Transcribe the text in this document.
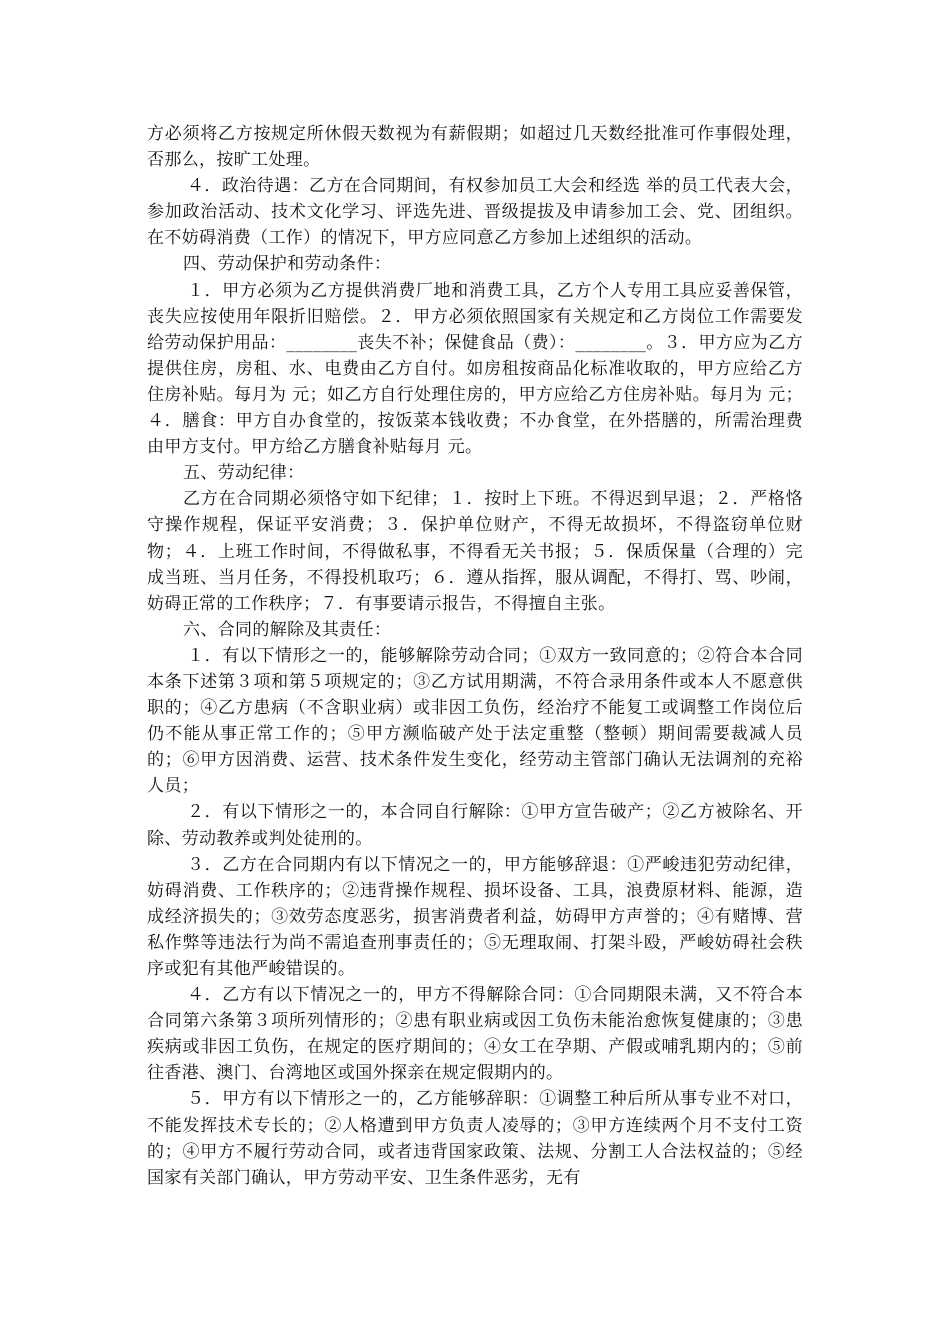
方必须将乙方按规定所休假天数视为有薪假期；如超过几天数经批准可作事假处理，否那么，按旷工处理。

４．政治待遇：乙方在合同期间，有权参加员工大会和经选 举的员工代表大会，参加政治活动、技术文化学习、评选先进、晋级提拔及申请参加工会、党、团组织。在不妨碍消费（工作）的情况下，甲方应同意乙方参加上述组织的活动。

四、劳动保护和劳动条件：

１．甲方必须为乙方提供消费厂地和消费工具，乙方个人专用工具应妥善保管，丧失应按使用年限折旧赔偿。２．甲方必须依照国家有关规定和乙方岗位工作需要发给劳动保护用品：________丧失不补；保健食品（费）：________。３．甲方应为乙方提供住房，房租、水、电费由乙方自付。如房租按商品化标准收取的，甲方应给乙方住房补贴。每月为 元；如乙方自行处理住房的，甲方应给乙方住房补贴。每月为 元；４．膳食：甲方自办食堂的，按饭菜本钱收费；不办食堂，在外搭膳的，所需治理费由甲方支付。甲方给乙方膳食补贴每月 元。

五、劳动纪律：

乙方在合同期必须恪守如下纪律；１．按时上下班。不得迟到早退；２．严格恪守操作规程，保证平安消费；３．保护单位财产，不得无故损坏，不得盗窃单位财物；４．上班工作时间，不得做私事，不得看无关书报；５．保质保量（合理的）完成当班、当月任务，不得投机取巧；６．遵从指挥，服从调配，不得打、骂、吵闹，妨碍正常的工作秩序；７．有事要请示报告，不得擅自主张。

六、合同的解除及其责任：

１．有以下情形之一的，能够解除劳动合同；①双方一致同意的；②符合本合同本条下述第３项和第５项规定的；③乙方试用期满，不符合录用条件或本人不愿意供职的；④乙方患病（不含职业病）或非因工负伤，经治疗不能复工或调整工作岗位后仍不能从事正常工作的；⑤甲方濒临破产处于法定重整（整顿）期间需要裁减人员的；⑥甲方因消费、运营、技术条件发生变化，经劳动主管部门确认无法调剂的充裕人员；

２．有以下情形之一的，本合同自行解除：①甲方宣告破产；②乙方被除名、开除、劳动教养或判处徒刑的。

３．乙方在合同期内有以下情况之一的，甲方能够辞退：①严峻违犯劳动纪律，妨碍消费、工作秩序的；②违背操作规程、损坏设备、工具，浪费原材料、能源，造成经济损失的；③效劳态度恶劣，损害消费者利益，妨碍甲方声誉的；④有赌博、营私作弊等违法行为尚不需追查刑事责任的；⑤无理取闹、打架斗殴，严峻妨碍社会秩 序或犯有其他严峻错误的。

４．乙方有以下情况之一的，甲方不得解除合同：①合同期限未满，又不符合本合同第六条第３项所列情形的；②患有职业病或因工负伤未能治愈恢复健康的；③患疾病或非因工负伤，在规定的医疗期间的；④女工在孕期、产假或哺乳期内的；⑤前往香港、澳门、台湾地区或国外探亲在规定假期内的。

５．甲方有以下情形之一的，乙方能够辞职：①调整工种后所从事专业不对口，不能发挥技术专长的；②人格遭到甲方负责人凌辱的；③甲方连续两个月不支付工资的；④甲方不履行劳动合同，或者违背国家政策、法规、分割工人合法权益的；⑤经国家有关部门确认，甲方劳动平安、卫生条件恶劣，无有
